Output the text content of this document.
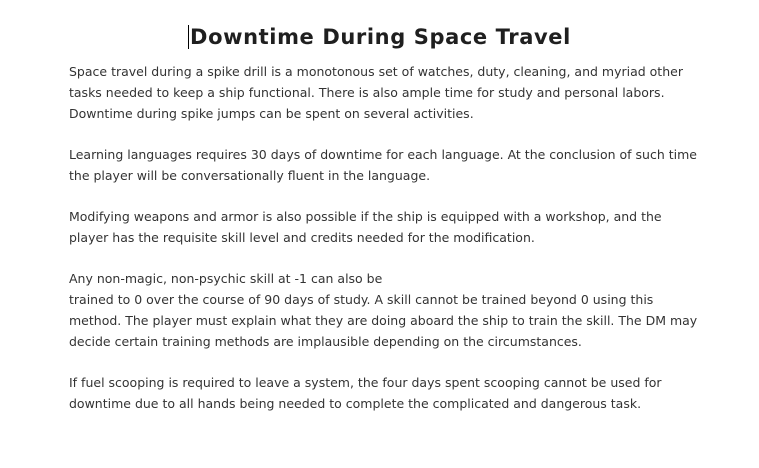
Downtime During Space Travel

Space travel during a spike drill is a monotonous set of watches, duty, cleaning, and myriad other tasks needed to keep a ship functional. There is also ample time for study and personal labors. Downtime during spike jumps can be spent on several activities.

Learning languages requires 30 days of downtime for each language. At the conclusion of such time the player will be conversationally fluent in the language.

Modifying weapons and armor is also possible if the ship is equipped with a workshop, and the player has the requisite skill level and credits needed for the modification.

Any non-magic, non-psychic skill at -1 can also be

trained to 0 over the course of 90 days of study. A skill cannot be trained beyond 0 using this method. The player must explain what they are doing aboard the ship to train the skill. The DM may decide certain training methods are implausible depending on the circumstances.

If fuel scooping is required to leave a system, the four days spent scooping cannot be used for downtime due to all hands being needed to complete the complicated and dangerous task.
